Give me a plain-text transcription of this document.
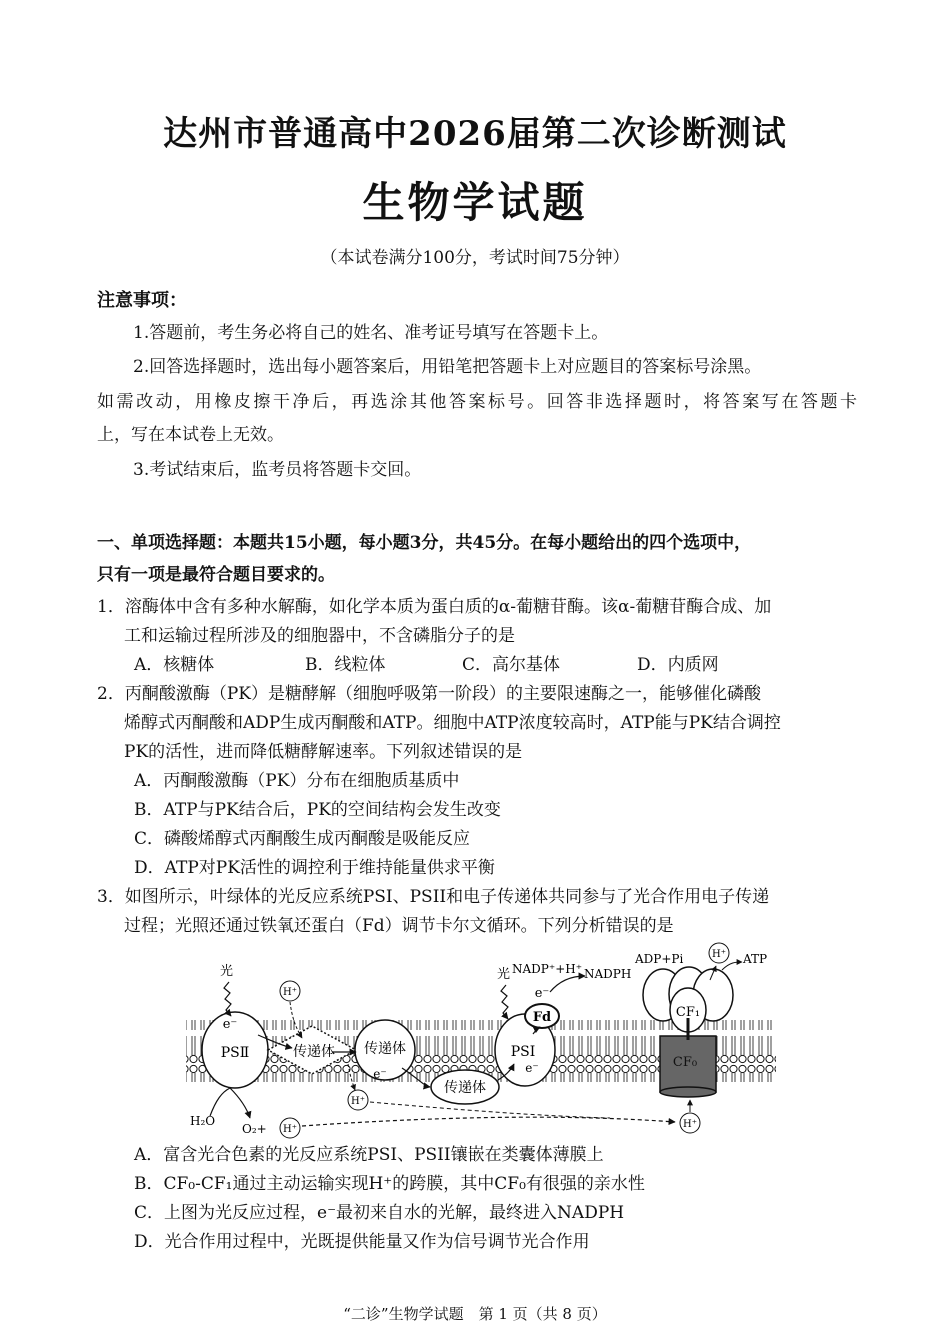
达州市普通高中2026届第二次诊断测试
生物学试题
（本试卷满分100分，考试时间75分钟）
注意事项：
1.答题前，考生务必将自己的姓名、准考证号填写在答题卡上。
2.回答选择题时，选出每小题答案后，用铅笔把答题卡上对应题目的答案标号涂黑。
如需改动，用橡皮擦干净后，再选涂其他答案标号。回答非选择题时，将答案写在答题卡
上，写在本试卷上无效。
3.考试结束后，监考员将答题卡交回。
一、单项选择题：本题共15小题，每小题3分，共45分。在每小题给出的四个选项中，
只有一项是最符合题目要求的。
1．溶酶体中含有多种水解酶，如化学本质为蛋白质的α-葡糖苷酶。该α-葡糖苷酶合成、加
工和运输过程所涉及的细胞器中，不含磷脂分子的是
A．核糖体	B．线粒体	C．高尔基体	D．内质网
2．丙酮酸激酶（PK）是糖酵解（细胞呼吸第一阶段）的主要限速酶之一，能够催化磷酸
烯醇式丙酮酸和ADP生成丙酮酸和ATP。细胞中ATP浓度较高时，ATP能与PK结合调控
PK的活性，进而降低糖酵解速率。下列叙述错误的是
A．丙酮酸激酶（PK）分布在细胞质基质中
B．ATP与PK结合后，PK的空间结构会发生改变
C．磷酸烯醇式丙酮酸生成丙酮酸是吸能反应
D．ATP对PK活性的调控利于维持能量供求平衡
3．如图所示，叶绿体的光反应系统PSI、PSII和电子传递体共同参与了光合作用电子传递
过程；光照还通过铁氧还蛋白（Fd）调节卡尔文循环。下列分析错误的是
PSⅡ
e⁻
传递体 传递体
e⁻
传递体
PSⅠ
e⁻
Fd
e⁻
NADP⁺+H⁺ NADPH
CF₁
CF₀
ADP+Pi	ATP
H⁺
光	光
H⁺
H⁺
H₂O
O₂+ H⁺	H⁺
A．富含光合色素的光反应系统PSI、PSII镶嵌在类囊体薄膜上
B．CF₀-CF₁通过主动运输实现H⁺的跨膜，其中CF₀有很强的亲水性
C．上图为光反应过程，e⁻最初来自水的光解，最终进入NADPH
D．光合作用过程中，光既提供能量又作为信号调节光合作用
“二诊”生物学试题　第 1 页（共 8 页）
